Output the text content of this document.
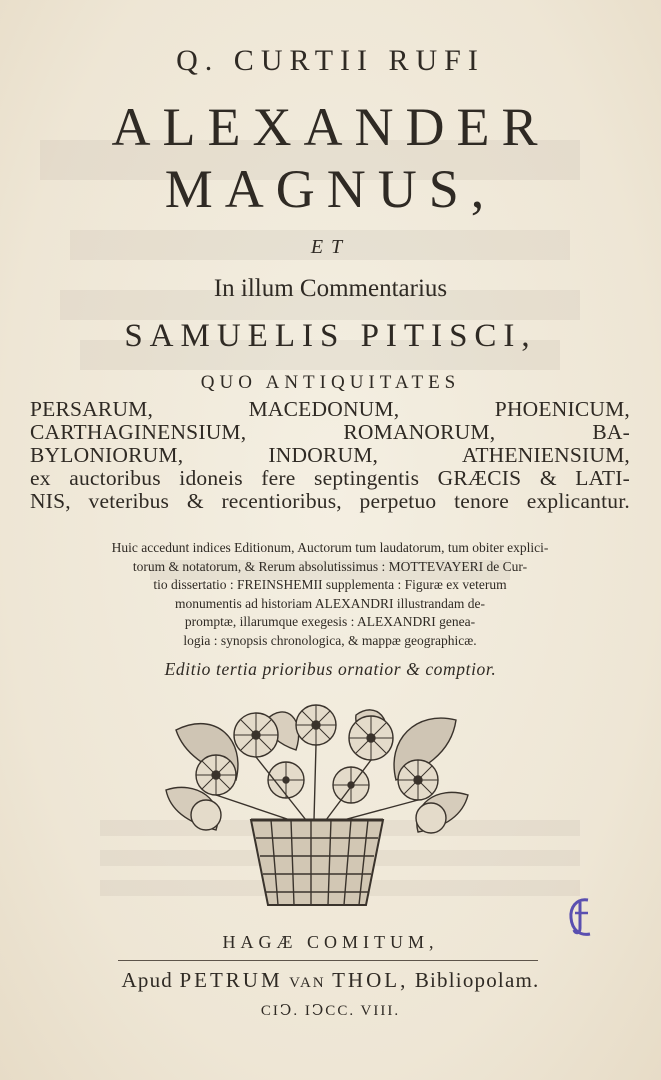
Q. CURTII RUFI
ALEXANDER
MAGNUS,
ET
In illum Commentarius
SAMUELIS PITISCI,
QUO ANTIQUITATES
PERSARUM, MACEDONUM, PHOENICUM,
CARTHAGINENSIUM, ROMANORUM, BA-
BYLONIORUM, INDORUM, ATHENIENSIUM,
ex auctoribus idoneis fere septingentis GRÆCIS & LATI-
NIS, veteribus & recentioribus, perpetuo tenore explicantur.
Huic accedunt indices Editionum, Auctorum tum laudatorum, tum obiter explici-
torum & notatorum, & Rerum absolutissimus : MOTTEVAYERI de Cur-
tio dissertatio : FREINSHEMII supplementa : Figuræ ex veterum
monumentis ad historiam ALEXANDRI illustrandam de-
promptæ, illarumque exegesis : ALEXANDRI genea-
logia : synopsis chronologica, & mappæ geographicæ.
Editio tertia prioribus ornatior & comptior.
HAGÆ COMITUM,
Apud PETRUM VAN THOL, Bibliopolam.
CIↃ. IↃCC. VIII.
